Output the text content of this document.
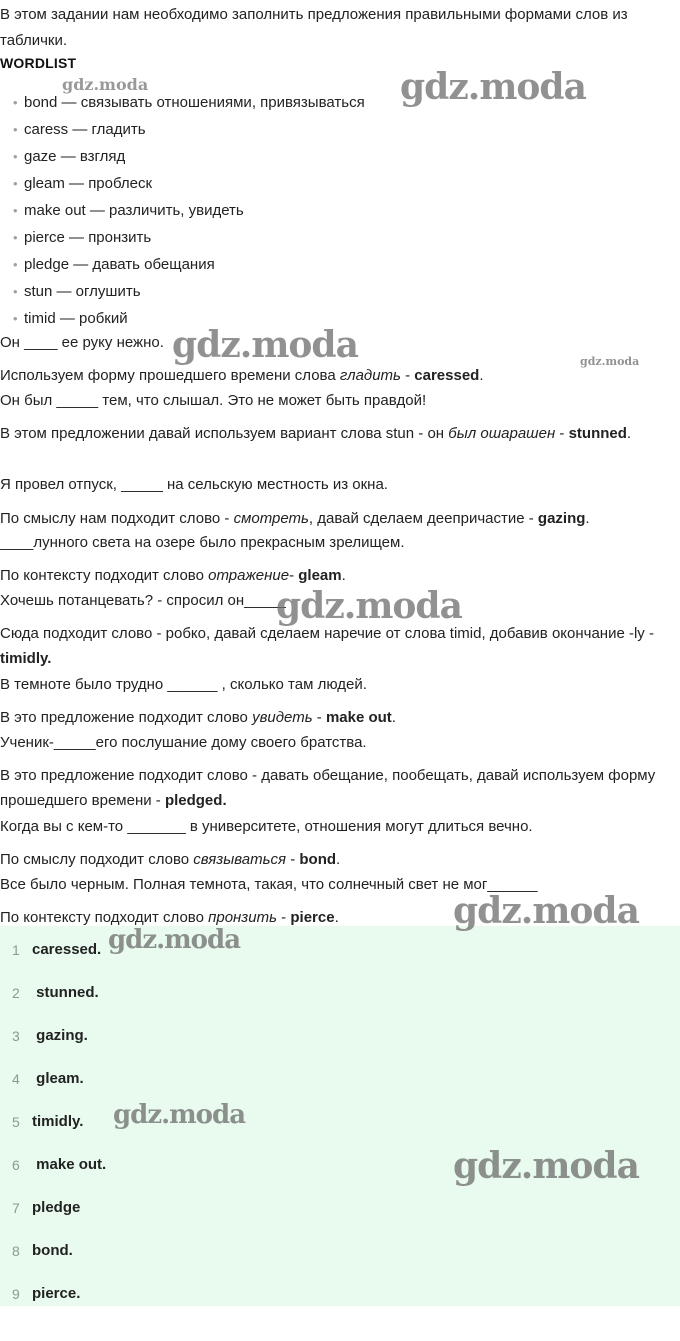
В этом задании нам необходимо заполнить предложения правильными формами слов из таблички.
WORDLIST
• bond — связывать отношениями, привязываться
• caress — гладить
• gaze — взгляд
• gleam — проблеск
• make out — различить, увидеть
• pierce — пронзить
• pledge — давать обещания
• stun — оглушить
• timid — робкий
Он ____ ее руку нежно.
Используем форму прошедшего времени слова гладить - caressed.
Он был _____ тем, что слышал. Это не может быть правдой!
В этом предложении давай используем вариант слова stun - он был ошарашен - stunned.
Я провел отпуск, _____ на сельскую местность из окна.
По смыслу нам подходит слово - смотреть, давай сделаем деепричастие - gazing.
____лунного света на озере было прекрасным зрелищем.
По контексту подходит слово отражение- gleam.
Хочешь потанцевать? - спросил он_____
Сюда подходит слово - робко, давай сделаем наречие от слова timid, добавив окончание -ly - timidly.
В темноте было трудно ______ , сколько там людей.
В это предложение подходит слово увидеть - make out.
Ученик-_____его послушание дому своего братства.
В это предложение подходит слово - давать обещание, пообещать, давай используем форму прошедшего времени - pledged.
Когда вы с кем-то _______ в университете, отношения могут длиться вечно.
По смыслу подходит слово связываться - bond.
Все было черным. Полная темнота, такая, что солнечный свет не мог______
По контексту подходит слово пронзить - pierce.
1 caressed.
2 stunned.
3 gazing.
4 gleam.
5 timidly.
6 make out.
7 pledge
8 bond.
9 pierce.
gdz.moda	gdz.moda
gdz.moda	gdz.moda
gdz.moda
gdz.moda
gdz.moda
gdz.moda
gdz.moda
